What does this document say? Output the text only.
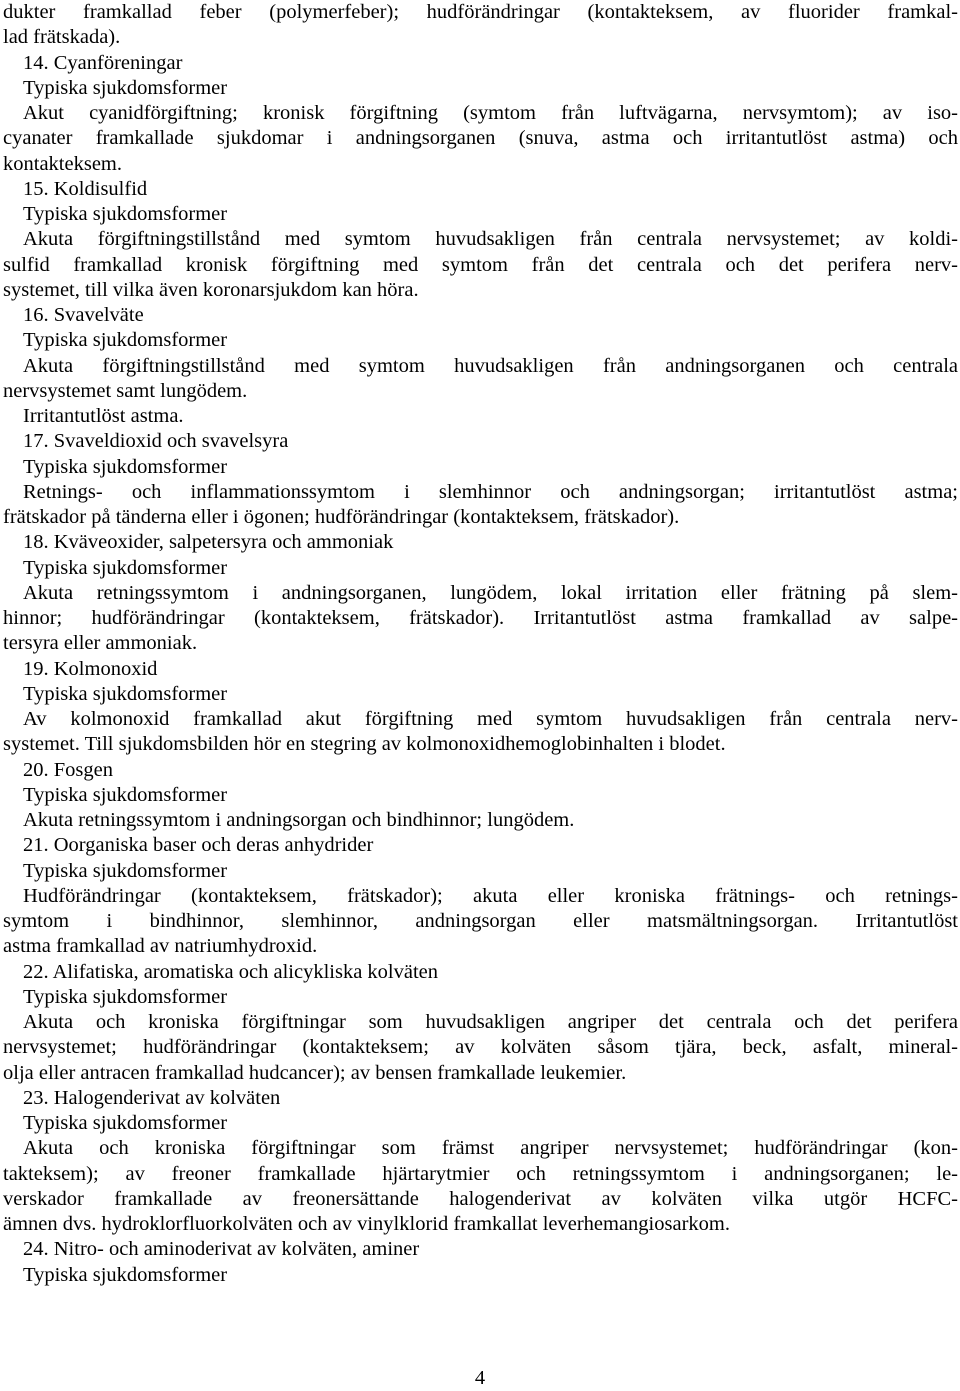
dukter framkallad feber (polymerfeber); hudförändringar (kontakteksem, av fluorider framkal-
lad frätskada).
14. Cyanföreningar
Typiska sjukdomsformer
Akut cyanidförgiftning; kronisk förgiftning (symtom från luftvägarna, nervsymtom); av iso-
cyanater framkallade sjukdomar i andningsorganen (snuva, astma och irritantutlöst astma) och
kontakteksem.
15. Koldisulfid
Typiska sjukdomsformer
Akuta förgiftningstillstånd med symtom huvudsakligen från centrala nervsystemet; av koldi-
sulfid framkallad kronisk förgiftning med symtom från det centrala och det perifera nerv-
systemet, till vilka även koronarsjukdom kan höra.
16. Svavelväte
Typiska sjukdomsformer
Akuta förgiftningstillstånd med symtom huvudsakligen från andningsorganen och centrala
nervsystemet samt lungödem.
Irritantutlöst astma.
17. Svaveldioxid och svavelsyra
Typiska sjukdomsformer
Retnings- och inflammationssymtom i slemhinnor och andningsorgan; irritantutlöst astma;
frätskador på tänderna eller i ögonen; hudförändringar (kontakteksem, frätskador).
18. Kväveoxider, salpetersyra och ammoniak
Typiska sjukdomsformer
Akuta retningssymtom i andningsorganen, lungödem, lokal irritation eller frätning på slem-
hinnor; hudförändringar (kontakteksem, frätskador). Irritantutlöst astma framkallad av salpe-
tersyra eller ammoniak.
19. Kolmonoxid
Typiska sjukdomsformer
Av kolmonoxid framkallad akut förgiftning med symtom huvudsakligen från centrala nerv-
systemet. Till sjukdomsbilden hör en stegring av kolmonoxidhemoglobinhalten i blodet.
20. Fosgen
Typiska sjukdomsformer
Akuta retningssymtom i andningsorgan och bindhinnor; lungödem.
21. Oorganiska baser och deras anhydrider
Typiska sjukdomsformer
Hudförändringar (kontakteksem, frätskador); akuta eller kroniska frätnings- och retnings-
symtom i bindhinnor, slemhinnor, andningsorgan eller matsmältningsorgan. Irritantutlöst
astma framkallad av natriumhydroxid.
22. Alifatiska, aromatiska och alicykliska kolväten
Typiska sjukdomsformer
Akuta och kroniska förgiftningar som huvudsakligen angriper det centrala och det perifera
nervsystemet; hudförändringar (kontakteksem; av kolväten såsom tjära, beck, asfalt, mineral-
olja eller antracen framkallad hudcancer); av bensen framkallade leukemier.
23. Halogenderivat av kolväten
Typiska sjukdomsformer
Akuta och kroniska förgiftningar som främst angriper nervsystemet; hudförändringar (kon-
takteksem); av freoner framkallade hjärtarytmier och retningssymtom i andningsorganen; le-
verskador framkallade av freonersättande halogenderivat av kolväten vilka utgör HCFC-
ämnen dvs. hydroklorfluorkolväten och av vinylklorid framkallat leverhemangiosarkom.
24. Nitro- och aminoderivat av kolväten, aminer
Typiska sjukdomsformer
4
